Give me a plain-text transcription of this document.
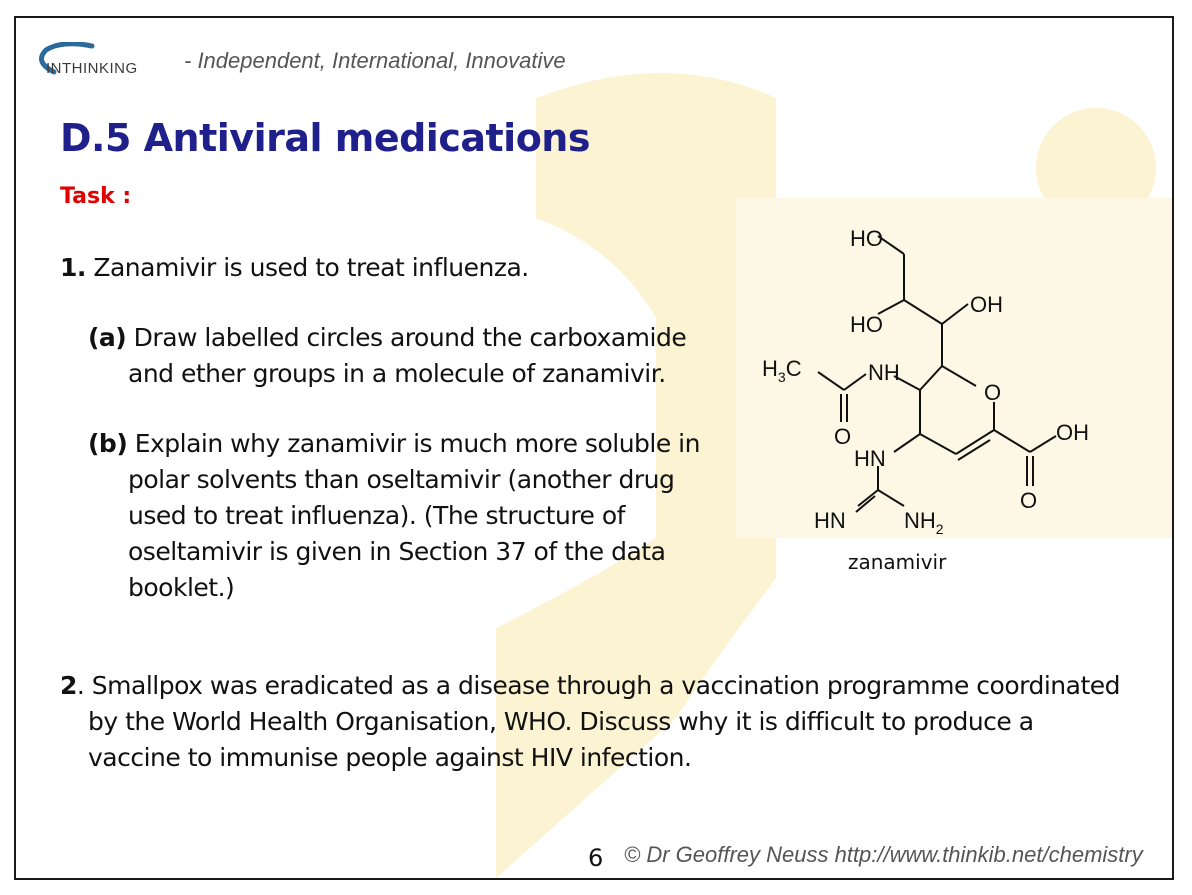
INTHINKING - Independent, International, Innovative
D.5 Antiviral medications
Task :
1. Zanamivir is used to treat influenza.
(a) Draw labelled circles around the carboxamide
and ether groups in a molecule of zanamivir.
(b) Explain why zanamivir is much more soluble in
polar solvents than oseltamivir (another drug
used to treat influenza). (The structure of
oseltamivir is given in Section 37 of the data
booklet.)
2. Smallpox was eradicated as a disease through a vaccination programme coordinated
by the World Health Organisation, WHO. Discuss why it is difficult to produce a
vaccine to immunise people against HIV infection.
HO
OH
HO
$H_3C$	NH
O
O	OH
HN
O
HN	$NH_2$
zanamivir
6 © Dr Geoffrey Neuss http://www.thinkib.net/chemistry
